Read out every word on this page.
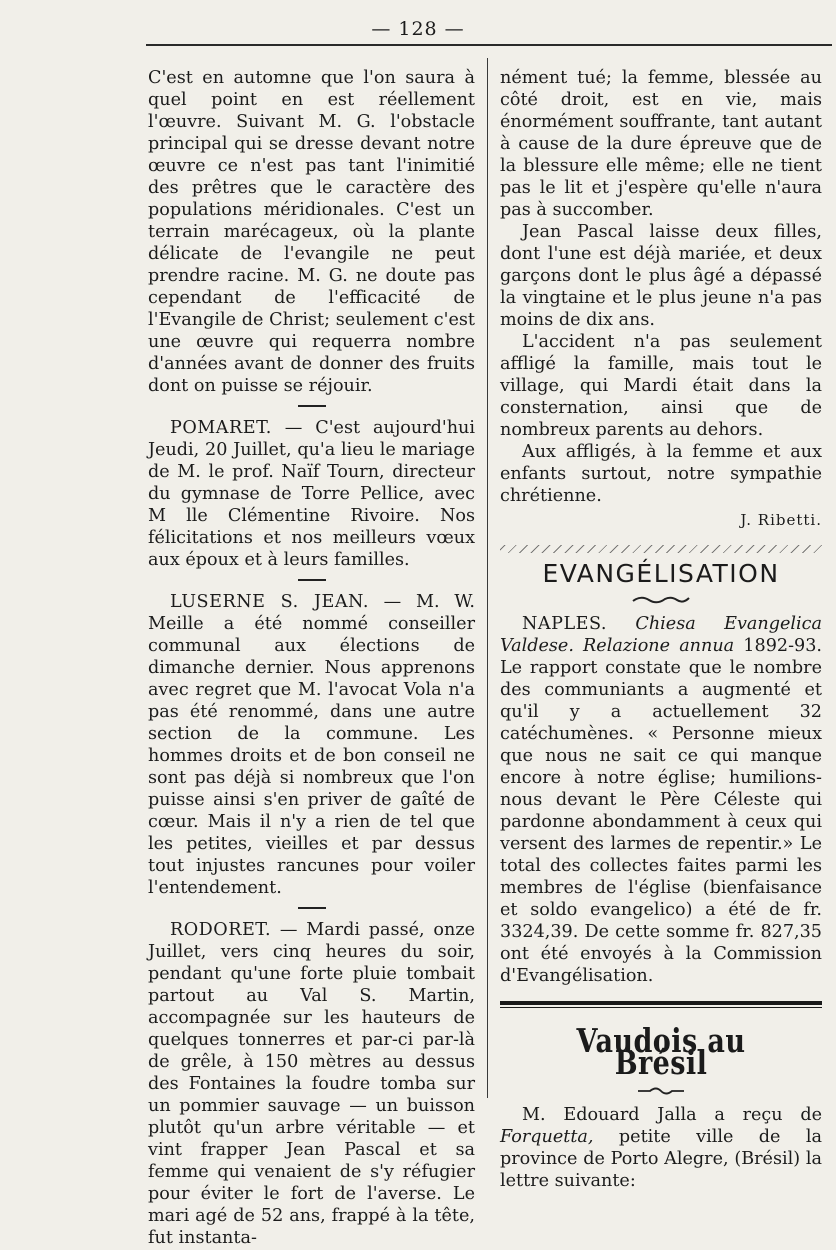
— 128 —

C'est en automne que l'on saura à quel point en est réellement l'œuvre. Suivant M. G. l'obstacle principal qui se dresse devant notre œuvre ce n'est pas tant l'inimitié des prêtres que le caractère des populations méridionales. C'est un terrain marécageux, où la plante délicate de l'evangile ne peut prendre racine. M. G. ne doute pas cependant de l'efficacité de l'Evangile de Christ; seulement c'est une œuvre qui requerra nombre d'années avant de donner des fruits dont on puisse se réjouir.

POMARET. — C'est aujourd'hui Jeudi, 20 Juillet, qu'a lieu le mariage de M. le prof. Naïf Tourn, directeur du gymnase de Torre Pellice, avec M lle Clémentine Rivoire. Nos félicitations et nos meilleurs vœux aux époux et à leurs familles.

LUSERNE S. JEAN. — M. W. Meille a été nommé conseiller communal aux élections de dimanche dernier. Nous apprenons avec regret que M. l'avocat Vola n'a pas été renommé, dans une autre section de la commune. Les hommes droits et de bon conseil ne sont pas déjà si nombreux que l'on puisse ainsi s'en priver de gaîté de cœur. Mais il n'y a rien de tel que les petites, vieilles et par dessus tout injustes rancunes pour voiler l'entendement.

RODORET. — Mardi passé, onze Juillet, vers cinq heures du soir, pendant qu'une forte pluie tombait partout au Val S. Martin, accompagnée sur les hauteurs de quelques tonnerres et par-ci par-là de grêle, à 150 mètres au dessus des Fontaines la foudre tomba sur un pommier sauvage — un buisson plutôt qu'un arbre véritable — et vint frapper Jean Pascal et sa femme qui venaient de s'y réfugier pour éviter le fort de l'averse. Le mari agé de 52 ans, frappé à la tête, fut instanta-

nément tué; la femme, blessée au côté droit, est en vie, mais énormément souffrante, tant autant à cause de la dure épreuve que de la blessure elle même; elle ne tient pas le lit et j'espère qu'elle n'aura pas à succomber.

Jean Pascal laisse deux filles, dont l'une est déjà mariée, et deux garçons dont le plus âgé a dépassé la vingtaine et le plus jeune n'a pas moins de dix ans.

L'accident n'a pas seulement affligé la famille, mais tout le village, qui Mardi était dans la consternation, ainsi que de nombreux parents au dehors.

Aux affligés, à la femme et aux enfants surtout, notre sympathie chrétienne.

J. Ribetti.
EVANGÉLISATION

NAPLES. Chiesa Evangelica Valdese. Relazione annua 1892-93. Le rapport constate que le nombre des communiants a augmenté et qu'il y a actuellement 32 catéchumènes. « Personne mieux que nous ne sait ce qui manque encore à notre église; humilions-nous devant le Père Céleste qui pardonne abondamment à ceux qui versent des larmes de repentir.» Le total des collectes faites parmi les membres de l'église (bienfaisance et soldo evangelico) a été de fr. 3324,39. De cette somme fr. 827,35 ont été envoyés à la Commission d'Evangélisation.

Vaudois au Brésil

M. Edouard Jalla a reçu de Forquetta, petite ville de la province de Porto Alegre, (Brésil) la lettre suivante:
